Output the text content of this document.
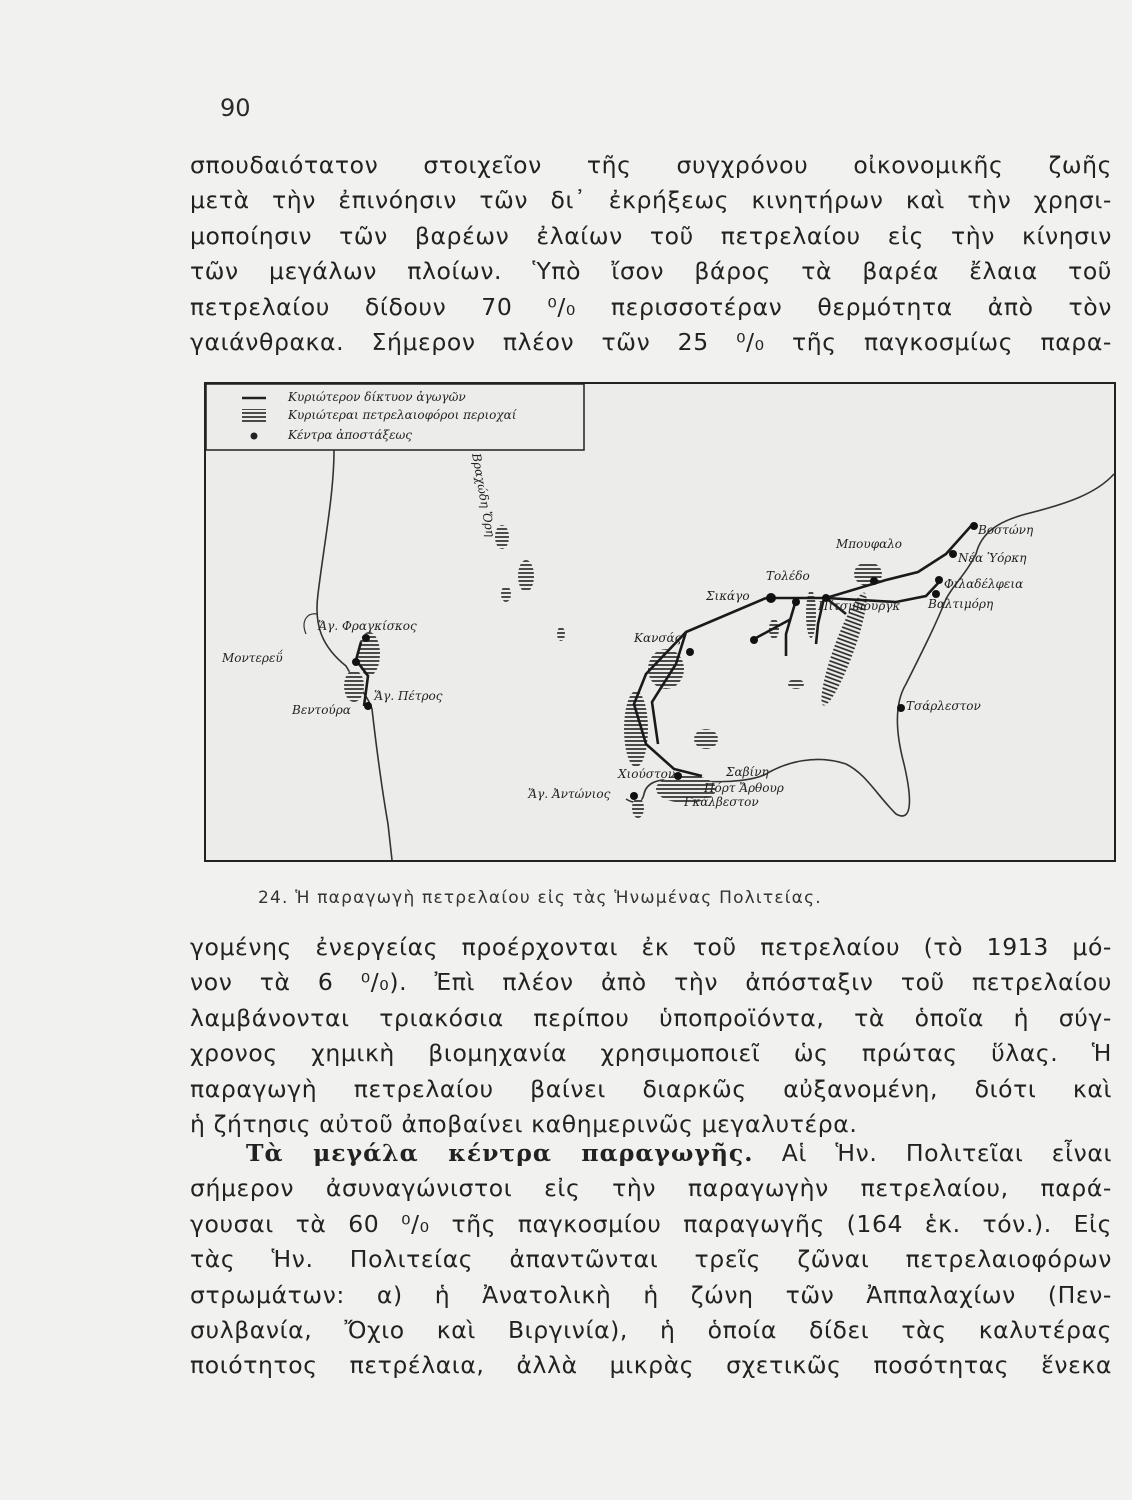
90
σπουδαιότατον στοιχεῖον τῆς συγχρόνου οἰκονομικῆς ζωῆς
μετὰ τὴν ἐπινόησιν τῶν δι᾽ ἐκρήξεως κινητήρων καὶ τὴν χρησι-
μοποίησιν τῶν βαρέων ἐλαίων τοῦ πετρελαίου εἰς τὴν κίνησιν
τῶν μεγάλων πλοίων. Ὑπὸ ἴσον βάρος τὰ βαρέα ἔλαια τοῦ
πετρελαίου δίδουν 70 ⁰/₀ περισσοτέραν θερμότητα ἀπὸ τὸν
γαιάνθρακα. Σήμερον πλέον τῶν 25 ⁰/₀ τῆς παγκοσμίως παρα-
Κυριώτερον δίκτυον ἀγωγῶν
Κυριώτεραι πετρελαιοφόροι περιοχαί
Κέντρα ἀποστάξεως
Βοστώνη
Νέα Ὑόρκη
Φιλαδέλφεια
Βαλτιμόρη
Μπουφαλο
Τολέδο
Σικάγο
Πίτσμπουργκ
Κανσάς
Τσάρλεστον
Χιούστον	Σαβίνη
Πόρτ Ἄρθουρ
Γκάλβεστον
Ἅγ. Ἀντώνιος
Ἅγ. Φραγκίσκος
Μοντερεΰ
Ἅγ. Πέτρος
Βεντούρα
Βραχώδη Ὄρη
24. Ἡ παραγωγὴ πετρελαίου εἰς τὰς Ἡνωμένας Πολιτείας.
γομένης ἐνεργείας προέρχονται ἐκ τοῦ πετρελαίου (τὸ 1913 μό-
νον τὰ 6 ⁰/₀). Ἐπὶ πλέον ἀπὸ τὴν ἀπόσταξιν τοῦ πετρελαίου
λαμβάνονται τριακόσια περίπου ὑποπροϊόντα, τὰ ὁποῖα ἡ σύγ-
χρονος χημικὴ βιομηχανία χρησιμοποιεῖ ὡς πρώτας ὕλας. Ἡ
παραγωγὴ πετρελαίου βαίνει διαρκῶς αὐξανομένη, διότι καὶ
ἡ ζήτησις αὐτοῦ ἀποβαίνει καθημερινῶς μεγαλυτέρα.
Τὰ μεγάλα κέντρα παραγωγῆς. Αἱ Ἡν. Πολιτεῖαι εἶναι
σήμερον ἀσυναγώνιστοι εἰς τὴν παραγωγὴν πετρελαίου, παρά-
γουσαι τὰ 60 ⁰/₀ τῆς παγκοσμίου παραγωγῆς (164 ἑκ. τόν.). Εἰς
τὰς Ἡν. Πολιτείας ἀπαντῶνται τρεῖς ζῶναι πετρελαιοφόρων
στρωμάτων: α) ἡ Ἀνατολικὴ ἡ ζώνη τῶν Ἀππαλαχίων (Πεν-
συλβανία, Ὄχιο καὶ Βιργινία), ἡ ὁποία δίδει τὰς καλυτέρας
ποιότητος πετρέλαια, ἀλλὰ μικρὰς σχετικῶς ποσότητας ἕνεκα
